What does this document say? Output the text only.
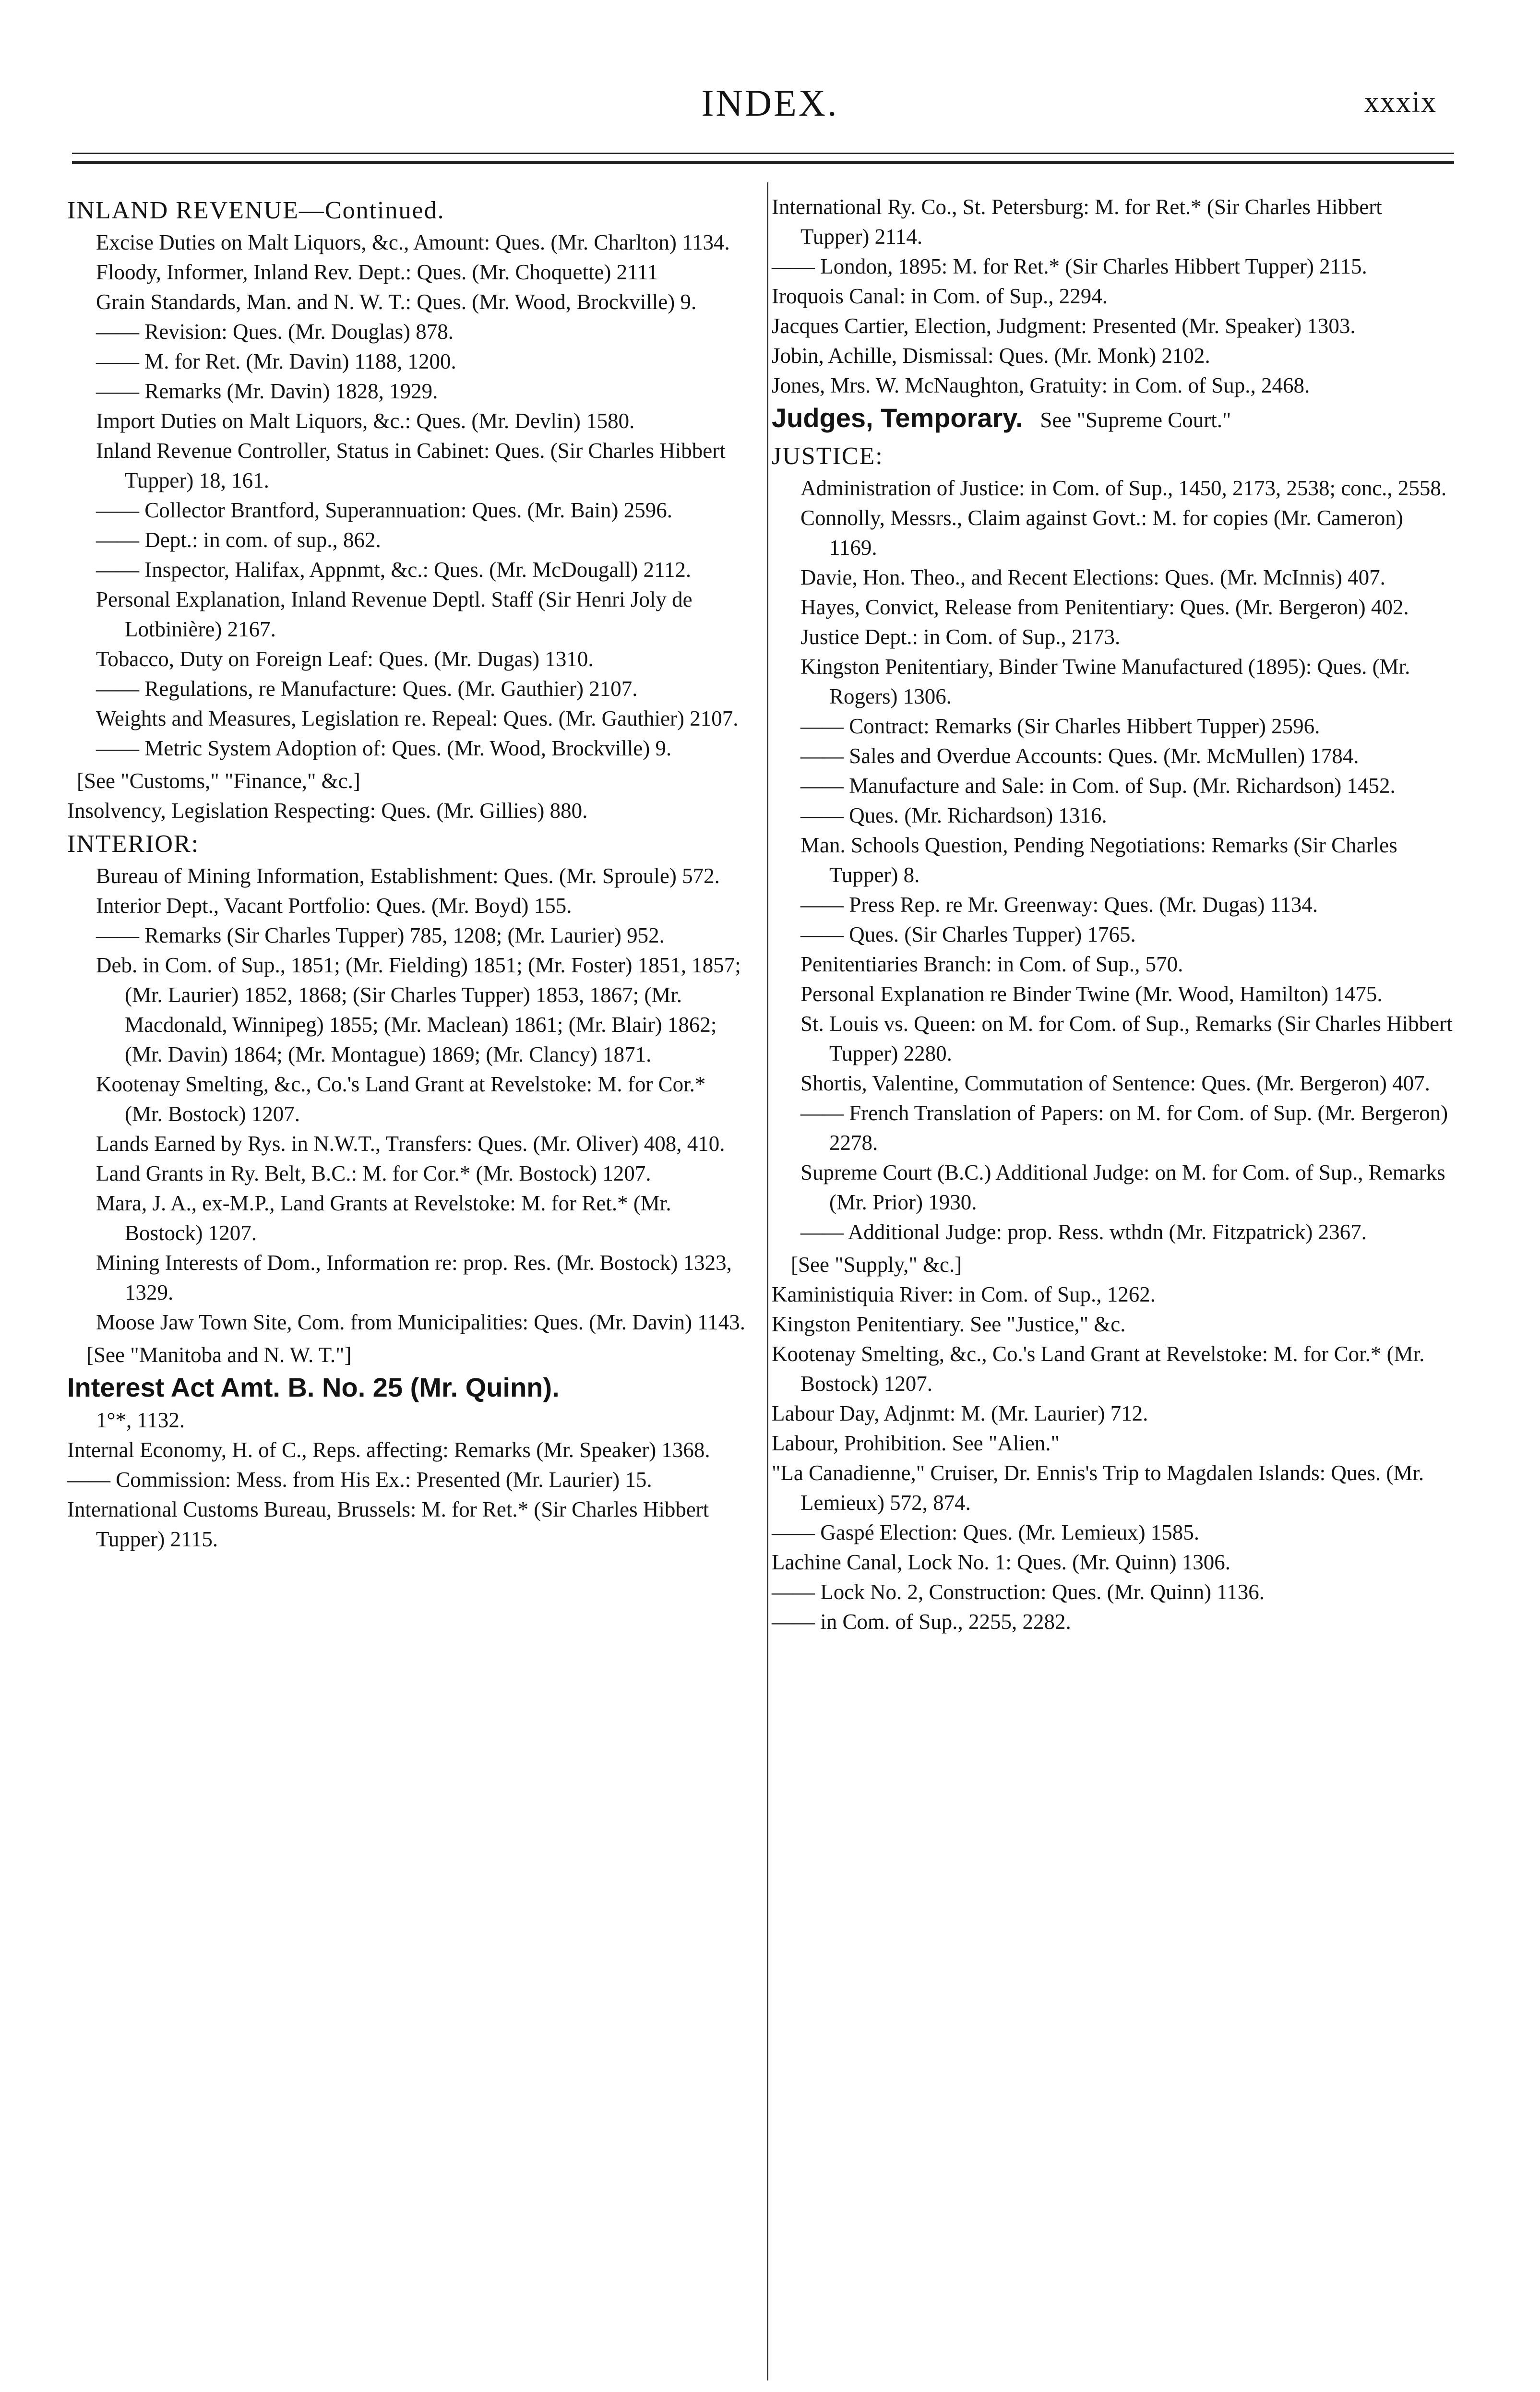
INDEX.	xxxix
INLAND REVENUE—Continued.

Excise Duties on Malt Liquors, &c., Amount: Ques. (Mr. Charlton) 1134.

Floody, Informer, Inland Rev. Dept.: Ques. (Mr. Choquette) 2111

Grain Standards, Man. and N. W. T.: Ques. (Mr. Wood, Brockville) 9.

—— Revision: Ques. (Mr. Douglas) 878.

—— M. for Ret. (Mr. Davin) 1188, 1200.

—— Remarks (Mr. Davin) 1828, 1929.

Import Duties on Malt Liquors, &c.: Ques. (Mr. Devlin) 1580.

Inland Revenue Controller, Status in Cabinet: Ques. (Sir Charles Hibbert Tupper) 18, 161.

—— Collector Brantford, Superannuation: Ques. (Mr. Bain) 2596.

—— Dept.: in com. of sup., 862.

—— Inspector, Halifax, Appnmt, &c.: Ques. (Mr. McDougall) 2112.

Personal Explanation, Inland Revenue Deptl. Staff (Sir Henri Joly de Lotbinière) 2167.

Tobacco, Duty on Foreign Leaf: Ques. (Mr. Dugas) 1310.

—— Regulations, re Manufacture: Ques. (Mr. Gauthier) 2107.

Weights and Measures, Legislation re. Repeal: Ques. (Mr. Gauthier) 2107.

—— Metric System Adoption of: Ques. (Mr. Wood, Brockville) 9.

[See "Customs," "Finance," &c.]

Insolvency, Legislation Respecting: Ques. (Mr. Gillies) 880.

INTERIOR:

Bureau of Mining Information, Establishment: Ques. (Mr. Sproule) 572.

Interior Dept., Vacant Portfolio: Ques. (Mr. Boyd) 155.

—— Remarks (Sir Charles Tupper) 785, 1208; (Mr. Laurier) 952.

Deb. in Com. of Sup., 1851; (Mr. Fielding) 1851; (Mr. Foster) 1851, 1857; (Mr. Laurier) 1852, 1868; (Sir Charles Tupper) 1853, 1867; (Mr. Macdonald, Winnipeg) 1855; (Mr. Maclean) 1861; (Mr. Blair) 1862; (Mr. Davin) 1864; (Mr. Montague) 1869; (Mr. Clancy) 1871.

Kootenay Smelting, &c., Co.'s Land Grant at Revelstoke: M. for Cor.* (Mr. Bostock) 1207.

Lands Earned by Rys. in N.W.T., Transfers: Ques. (Mr. Oliver) 408, 410.

Land Grants in Ry. Belt, B.C.: M. for Cor.* (Mr. Bostock) 1207.

Mara, J. A., ex-M.P., Land Grants at Revelstoke: M. for Ret.* (Mr. Bostock) 1207.

Mining Interests of Dom., Information re: prop. Res. (Mr. Bostock) 1323, 1329.

Moose Jaw Town Site, Com. from Municipalities: Ques. (Mr. Davin) 1143.

[See "Manitoba and N. W. T."]

Interest Act Amt. B. No. 25 (Mr. Quinn).

1°*, 1132.

Internal Economy, H. of C., Reps. affecting: Remarks (Mr. Speaker) 1368.

—— Commission: Mess. from His Ex.: Presented (Mr. Laurier) 15.

International Customs Bureau, Brussels: M. for Ret.* (Sir Charles Hibbert Tupper) 2115.

International Ry. Co., St. Petersburg: M. for Ret.* (Sir Charles Hibbert Tupper) 2114.

—— London, 1895: M. for Ret.* (Sir Charles Hibbert Tupper) 2115.

Iroquois Canal: in Com. of Sup., 2294.

Jacques Cartier, Election, Judgment: Presented (Mr. Speaker) 1303.

Jobin, Achille, Dismissal: Ques. (Mr. Monk) 2102.

Jones, Mrs. W. McNaughton, Gratuity: in Com. of Sup., 2468.

Judges, Temporary. See "Supreme Court."

JUSTICE:

Administration of Justice: in Com. of Sup., 1450, 2173, 2538; conc., 2558.

Connolly, Messrs., Claim against Govt.: M. for copies (Mr. Cameron) 1169.

Davie, Hon. Theo., and Recent Elections: Ques. (Mr. McInnis) 407.

Hayes, Convict, Release from Penitentiary: Ques. (Mr. Bergeron) 402.

Justice Dept.: in Com. of Sup., 2173.

Kingston Penitentiary, Binder Twine Manufactured (1895): Ques. (Mr. Rogers) 1306.

—— Contract: Remarks (Sir Charles Hibbert Tupper) 2596.

—— Sales and Overdue Accounts: Ques. (Mr. McMullen) 1784.

—— Manufacture and Sale: in Com. of Sup. (Mr. Richardson) 1452.

—— Ques. (Mr. Richardson) 1316.

Man. Schools Question, Pending Negotiations: Remarks (Sir Charles Tupper) 8.

—— Press Rep. re Mr. Greenway: Ques. (Mr. Dugas) 1134.

—— Ques. (Sir Charles Tupper) 1765.

Penitentiaries Branch: in Com. of Sup., 570.

Personal Explanation re Binder Twine (Mr. Wood, Hamilton) 1475.

St. Louis vs. Queen: on M. for Com. of Sup., Remarks (Sir Charles Hibbert Tupper) 2280.

Shortis, Valentine, Commutation of Sentence: Ques. (Mr. Bergeron) 407.

—— French Translation of Papers: on M. for Com. of Sup. (Mr. Bergeron) 2278.

Supreme Court (B.C.) Additional Judge: on M. for Com. of Sup., Remarks (Mr. Prior) 1930.

—— Additional Judge: prop. Ress. wthdn (Mr. Fitzpatrick) 2367.

[See "Supply," &c.]

Kaministiquia River: in Com. of Sup., 1262.

Kingston Penitentiary. See "Justice," &c.

Kootenay Smelting, &c., Co.'s Land Grant at Revelstoke: M. for Cor.* (Mr. Bostock) 1207.

Labour Day, Adjnmt: M. (Mr. Laurier) 712.

Labour, Prohibition. See "Alien."

"La Canadienne," Cruiser, Dr. Ennis's Trip to Magdalen Islands: Ques. (Mr. Lemieux) 572, 874.

—— Gaspé Election: Ques. (Mr. Lemieux) 1585.

Lachine Canal, Lock No. 1: Ques. (Mr. Quinn) 1306.

—— Lock No. 2, Construction: Ques. (Mr. Quinn) 1136.

—— in Com. of Sup., 2255, 2282.
